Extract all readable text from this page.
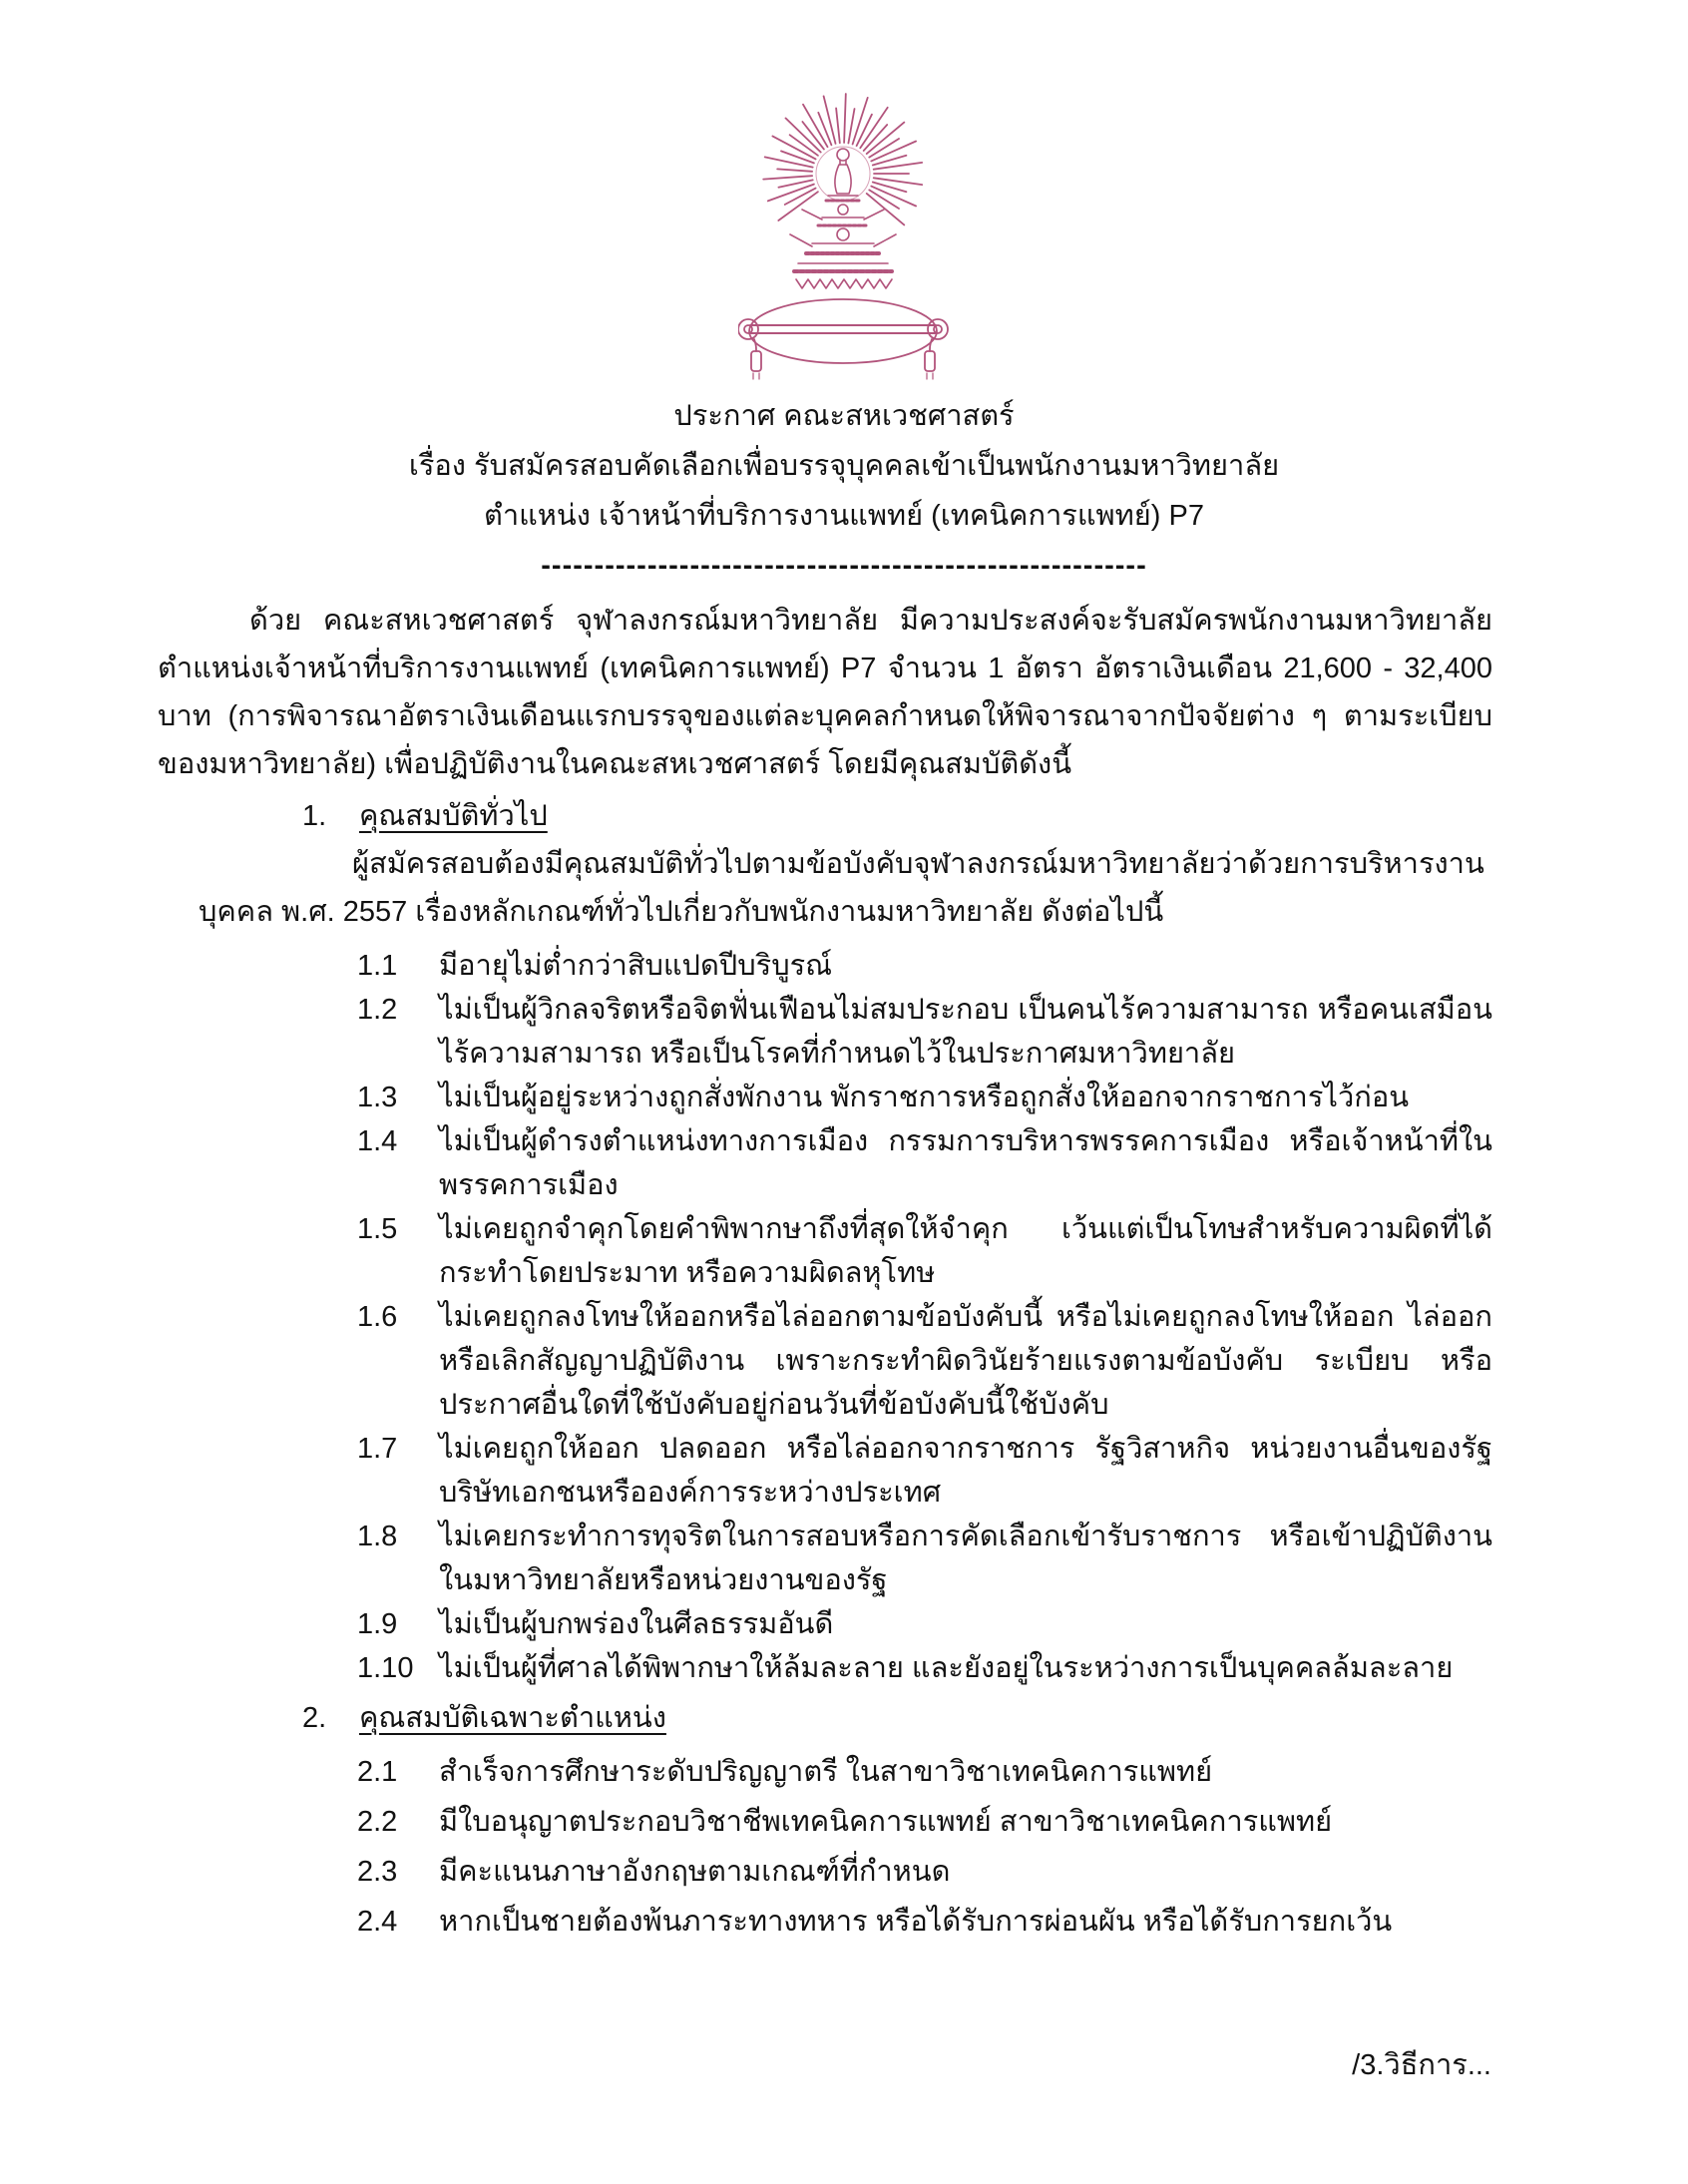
ประกาศ คณะสหเวชศาสตร์

เรื่อง รับสมัครสอบคัดเลือกเพื่อบรรจุบุคคลเข้าเป็นพนักงานมหาวิทยาลัย

ตำแหน่ง เจ้าหน้าที่บริการงานแพทย์ (เทคนิคการแพทย์) P7

---------------------------------------------------------

ด้วย คณะสหเวชศาสตร์ จุฬาลงกรณ์มหาวิทยาลัย มีความประสงค์จะรับสมัครพนักงานมหาวิทยาลัย ตำแหน่งเจ้าหน้าที่บริการงานแพทย์ (เทคนิคการแพทย์) P7 จำนวน 1 อัตรา อัตราเงินเดือน 21,600 - 32,400 บาท (การพิจารณาอัตราเงินเดือนแรกบรรจุของแต่ละบุคคลกำหนดให้พิจารณาจากปัจจัยต่าง ๆ ตามระเบียบของมหาวิทยาลัย) เพื่อปฏิบัติงานในคณะสหเวชศาสตร์ โดยมีคุณสมบัติดังนี้

1.	คุณสมบัติทั่วไป

ผู้สมัครสอบต้องมีคุณสมบัติทั่วไปตามข้อบังคับจุฬาลงกรณ์มหาวิทยาลัยว่าด้วยการบริหารงานบุคคล พ.ศ. 2557 เรื่องหลักเกณฑ์ทั่วไปเกี่ยวกับพนักงานมหาวิทยาลัย ดังต่อไปนี้

1.1	มีอายุไม่ต่ำกว่าสิบแปดปีบริบูรณ์
1.2	ไม่เป็นผู้วิกลจริตหรือจิตฟั่นเฟือนไม่สมประกอบ เป็นคนไร้ความสามารถ หรือคนเสมือนไร้ความสามารถ หรือเป็นโรคที่กำหนดไว้ในประกาศมหาวิทยาลัย
1.3	ไม่เป็นผู้อยู่ระหว่างถูกสั่งพักงาน พักราชการหรือถูกสั่งให้ออกจากราชการไว้ก่อน
1.4	ไม่เป็นผู้ดำรงตำแหน่งทางการเมือง กรรมการบริหารพรรคการเมือง หรือเจ้าหน้าที่ในพรรคการเมือง
1.5	ไม่เคยถูกจำคุกโดยคำพิพากษาถึงที่สุดให้จำคุก เว้นแต่เป็นโทษสำหรับความผิดที่ได้กระทำโดยประมาท หรือความผิดลหุโทษ
1.6	ไม่เคยถูกลงโทษให้ออกหรือไล่ออกตามข้อบังคับนี้ หรือไม่เคยถูกลงโทษให้ออก ไล่ออก หรือเลิกสัญญาปฏิบัติงาน เพราะกระทำผิดวินัยร้ายแรงตามข้อบังคับ ระเบียบ หรือประกาศอื่นใดที่ใช้บังคับอยู่ก่อนวันที่ข้อบังคับนี้ใช้บังคับ
1.7	ไม่เคยถูกให้ออก ปลดออก หรือไล่ออกจากราชการ รัฐวิสาหกิจ หน่วยงานอื่นของรัฐ บริษัทเอกชนหรือองค์การระหว่างประเทศ
1.8	ไม่เคยกระทำการทุจริตในการสอบหรือการคัดเลือกเข้ารับราชการ หรือเข้าปฏิบัติงานในมหาวิทยาลัยหรือหน่วยงานของรัฐ
1.9	ไม่เป็นผู้บกพร่องในศีลธรรมอันดี
1.10 ไม่เป็นผู้ที่ศาลได้พิพากษาให้ล้มละลาย และยังอยู่ในระหว่างการเป็นบุคคลล้มละลาย
2.	คุณสมบัติเฉพาะตำแหน่ง
2.1	สำเร็จการศึกษาระดับปริญญาตรี ในสาขาวิชาเทคนิคการแพทย์
2.2	มีใบอนุญาตประกอบวิชาชีพเทคนิคการแพทย์ สาขาวิชาเทคนิคการแพทย์
2.3	มีคะแนนภาษาอังกฤษตามเกณฑ์ที่กำหนด
2.4	หากเป็นชายต้องพ้นภาระทางทหาร หรือได้รับการผ่อนผัน หรือได้รับการยกเว้น
/3.วิธีการ...
